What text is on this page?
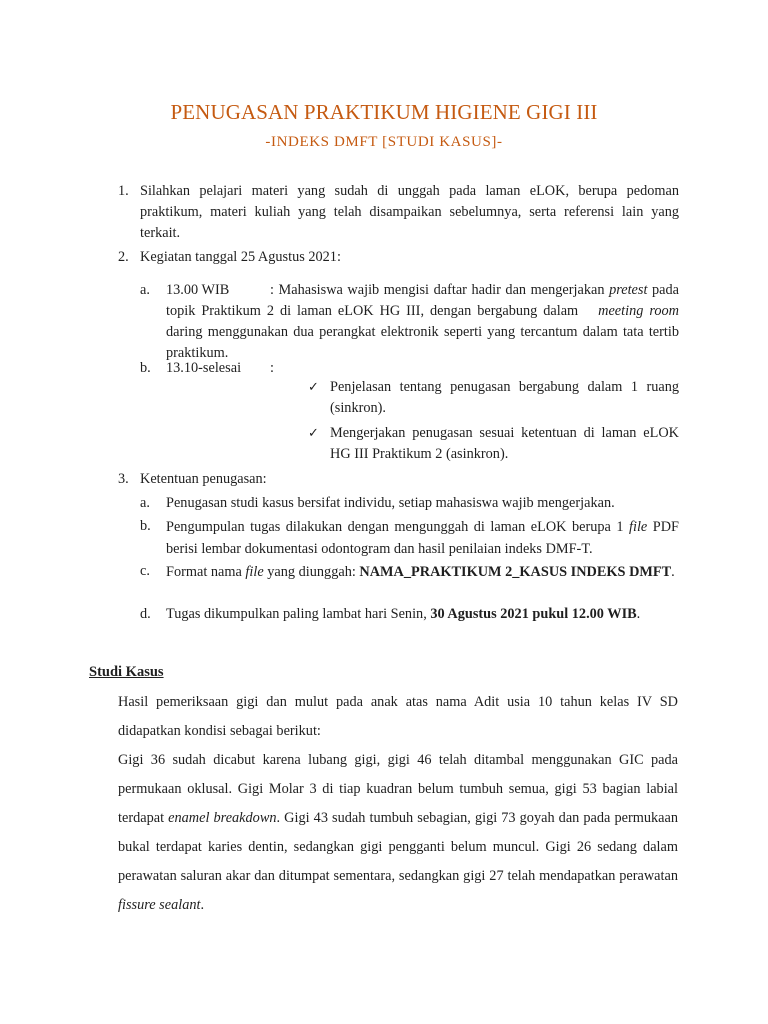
PENUGASAN PRAKTIKUM HIGIENE GIGI III
-INDEKS DMFT [STUDI KASUS]-
1. Silahkan pelajari materi yang sudah di unggah pada laman eLOK, berupa pedoman praktikum, materi kuliah yang telah disampaikan sebelumnya, serta referensi lain yang terkait.
2. Kegiatan tanggal 25 Agustus 2021:
a. 13.00 WIB	: Mahasiswa wajib mengisi daftar hadir dan mengerjakan pretest pada topik Praktikum 2 di laman eLOK HG III, dengan bergabung dalam meeting room daring menggunakan dua perangkat elektronik seperti yang tercantum dalam tata tertib praktikum.
b. 13.10-selesai :
✓ Penjelasan tentang penugasan bergabung dalam 1 ruang (sinkron).
✓ Mengerjakan penugasan sesuai ketentuan di laman eLOK HG III Praktikum 2 (asinkron).
3. Ketentuan penugasan:
a. Penugasan studi kasus bersifat individu, setiap mahasiswa wajib mengerjakan.
b. Pengumpulan tugas dilakukan dengan mengunggah di laman eLOK berupa 1 file PDF berisi lembar dokumentasi odontogram dan hasil penilaian indeks DMF-T.
c. Format nama file yang diunggah: NAMA_PRAKTIKUM 2_KASUS INDEKS DMFT.
d. Tugas dikumpulkan paling lambat hari Senin, 30 Agustus 2021 pukul 12.00 WIB.
Studi Kasus
Hasil pemeriksaan gigi dan mulut pada anak atas nama Adit usia 10 tahun kelas IV SD didapatkan kondisi sebagai berikut:
Gigi 36 sudah dicabut karena lubang gigi, gigi 46 telah ditambal menggunakan GIC pada permukaan oklusal. Gigi Molar 3 di tiap kuadran belum tumbuh semua, gigi 53 bagian labial terdapat enamel breakdown. Gigi 43 sudah tumbuh sebagian, gigi 73 goyah dan pada permukaan bukal terdapat karies dentin, sedangkan gigi pengganti belum muncul. Gigi 26 sedang dalam perawatan saluran akar dan ditumpat sementara, sedangkan gigi 27 telah mendapatkan perawatan fissure sealant.
